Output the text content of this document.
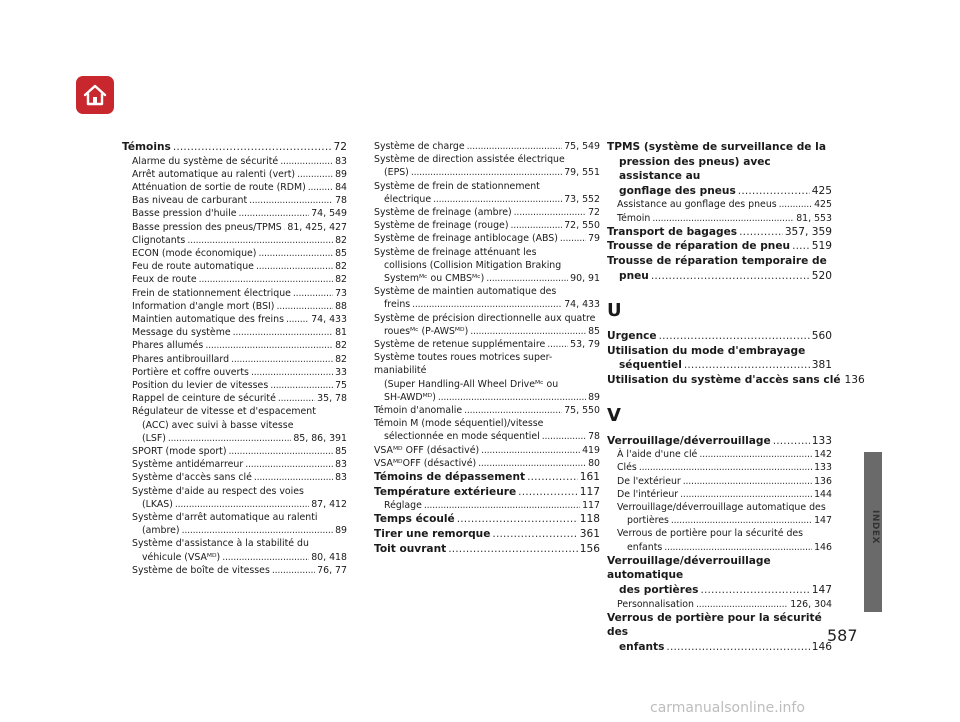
Témoins . . .	72
Alarme du système de sécurité . . .	83
Arrêt automatique au ralenti (vert) . . .	89
Atténuation de sortie de route (RDM) . . .	84
Bas niveau de carburant . . .	78
Basse pression d'huile . . .	74, 549
Basse pression des pneus/TPMS . . . 81, 425, 427
Clignotants . . .	82
ECON (mode économique) . . .	85
Feu de route automatique . . .	82
Feux de route . . .	82
Frein de stationnement électrique . . .	73
Information d'angle mort (BSI) . . .	88
Maintien automatique des freins . . .	74, 433
Message du système . . .	81
Phares allumés . . .	82
Phares antibrouillard . . .	82
Portière et coffre ouverts . . .	33
Position du levier de vitesses . . .	75
Rappel de ceinture de sécurité . . .	35, 78
Régulateur de vitesse et d'espacement
(ACC) avec suivi à basse vitesse
(LSF) . . .	85, 86, 391
SPORT (mode sport) . . .	85
Système antidémarreur . . .	83
Système d'accès sans clé . . .	83
Système d'aide au respect des voies
(LKAS) . . .	87, 412
Système d'arrêt automatique au ralenti
(ambre) . . .	89
Système d'assistance à la stabilité du
véhicule (VSAᴹᴰ) . . .	80, 418
Système de boîte de vitesses . . .	76, 77
Système de charge . . .	75, 549
Système de direction assistée électrique
(EPS) . . .	79, 551
Système de frein de stationnement
électrique . . .	73, 552
Système de freinage (ambre) . . .	72
Système de freinage (rouge) . . .	72, 550
Système de freinage antiblocage (ABS) . . .	79
Système de freinage atténuant les
collisions (Collision Mitigation Braking
Systemᴹᶜ ou CMBSᴹᶜ) . . .	90, 91
Système de maintien automatique des
freins . . .	74, 433
Système de précision directionnelle aux quatre
rouesᴹᶜ (P-AWSᴹᴰ) . . .	85
Système de retenue supplémentaire . . .	53, 79
Système toutes roues motrices super-maniabilité
(Super Handling-All Wheel Driveᴹᶜ ou
SH-AWDᴹᴰ) . . .	89
Témoin d'anomalie . . .	75, 550
Témoin M (mode séquentiel)/vitesse
sélectionnée en mode séquentiel . . .	78
VSAᴹᴰ OFF (désactivé) . . .	419
VSAᴹᴰOFF (désactivé) . . .	80
Témoins de dépassement . . .	161
Température extérieure . . .	117
Réglage . . .	117
Temps écoulé . . .	118
Tirer une remorque . . .	361
Toit ouvrant . . .	156
TPMS (système de surveillance de la
pression des pneus) avec assistance au
gonflage des pneus . . .	425
Assistance au gonflage des pneus . . .	425
Témoin . . .	81, 553
Transport de bagages . . .	357, 359
Trousse de réparation de pneu . . . 519
Trousse de réparation temporaire de
pneu . . .	520
U
Urgence . . .	560
Utilisation du mode d'embrayage
séquentiel . . .	381
Utilisation du système d'accès sans clé 136
V
Verrouillage/déverrouillage . . .	133
À l'aide d'une clé . . .	142
Clés . . .	133
De l'extérieur . . .	136
De l'intérieur . . .	144
Verrouillage/déverrouillage automatique des
portières . . .	147
Verrous de portière pour la sécurité des
enfants . . .	146
Verrouillage/déverrouillage automatique
des portières . . .	147
Personnalisation . . .	126, 304
Verrous de portière pour la sécurité des
enfants . . .	146
INDEX
587
carmanualsonline.info
